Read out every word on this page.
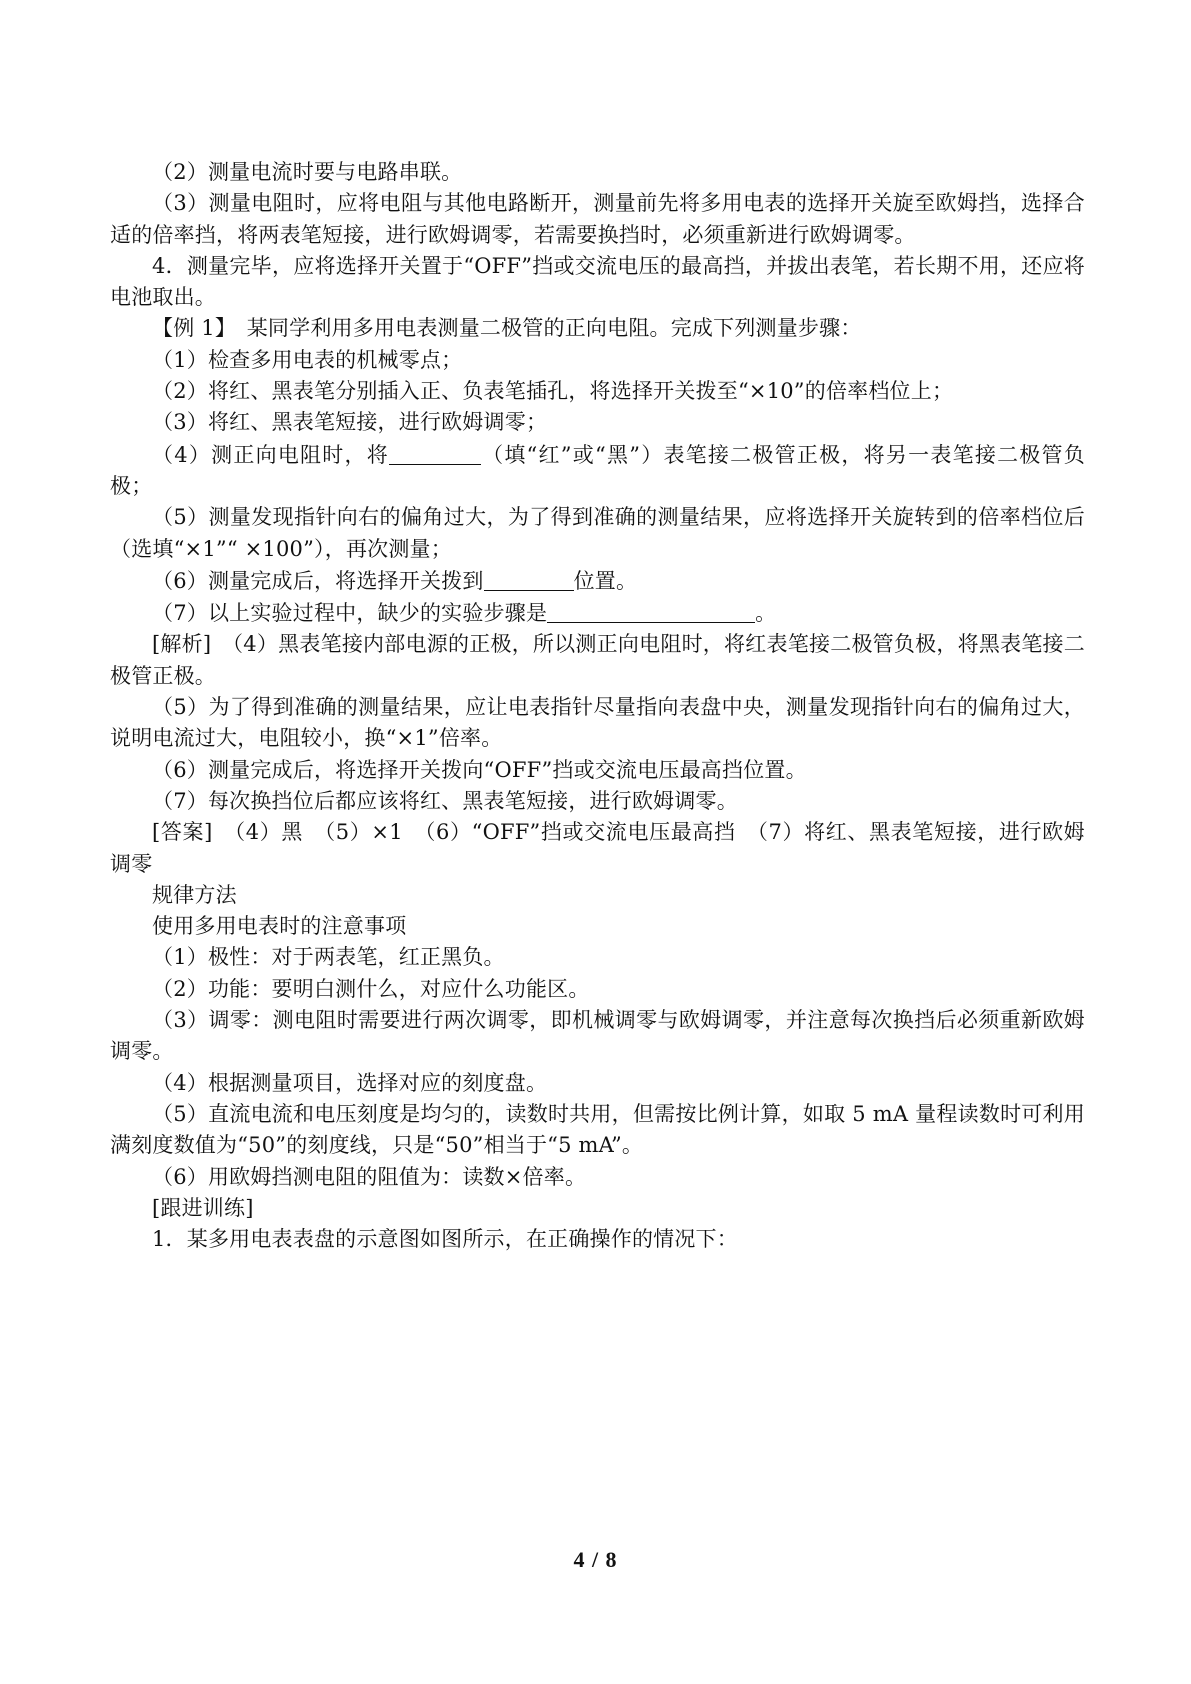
（2）测量电流时要与电路串联。

（3）测量电阻时，应将电阻与其他电路断开，测量前先将多用电表的选择开关旋至欧姆挡，选择合适的倍率挡，将两表笔短接，进行欧姆调零，若需要换挡时，必须重新进行欧姆调零。

4．测量完毕，应将选择开关置于“OFF”挡或交流电压的最高挡，并拔出表笔，若长期不用，还应将电池取出。

【例 1】　某同学利用多用电表测量二极管的正向电阻。完成下列测量步骤：

（1）检查多用电表的机械零点；

（2）将红、黑表笔分别插入正、负表笔插孔，将选择开关拨至“×10”的倍率档位上；

（3）将红、黑表笔短接，进行欧姆调零；

（4）测正向电阻时，将	（填“红”或“黑”）表笔接二极管正极，将另一表笔接二极管负极；

（5）测量发现指针向右的偏角过大，为了得到准确的测量结果，应将选择开关旋转到的倍率档位后（选填“×1”“ ×100”），再次测量；

（6）测量完成后，将选择开关拨到	位置。

（7）以上实验过程中，缺少的实验步骤是	。

[解析]　（4）黑表笔接内部电源的正极，所以测正向电阻时，将红表笔接二极管负极，将黑表笔接二极管正极。

（5）为了得到准确的测量结果，应让电表指针尽量指向表盘中央，测量发现指针向右的偏角过大，说明电流过大，电阻较小，换“×1”倍率。

（6）测量完成后，将选择开关拨向“OFF”挡或交流电压最高挡位置。

（7）每次换挡位后都应该将红、黑表笔短接，进行欧姆调零。

[答案]　（4）黑　（5）×1　（6）“OFF”挡或交流电压最高挡　（7）将红、黑表笔短接，进行欧姆调零

规律方法

使用多用电表时的注意事项

（1）极性：对于两表笔，红正黑负。

（2）功能：要明白测什么，对应什么功能区。

（3）调零：测电阻时需要进行两次调零，即机械调零与欧姆调零，并注意每次换挡后必须重新欧姆调零。

（4）根据测量项目，选择对应的刻度盘。

（5）直流电流和电压刻度是均匀的，读数时共用，但需按比例计算，如取 5 mA 量程读数时可利用满刻度数值为“50”的刻度线，只是“50”相当于“5 mA”。

（6）用欧姆挡测电阻的阻值为：读数×倍率。

[跟进训练]

1．某多用电表表盘的示意图如图所示，在正确操作的情况下：

4 / 8
